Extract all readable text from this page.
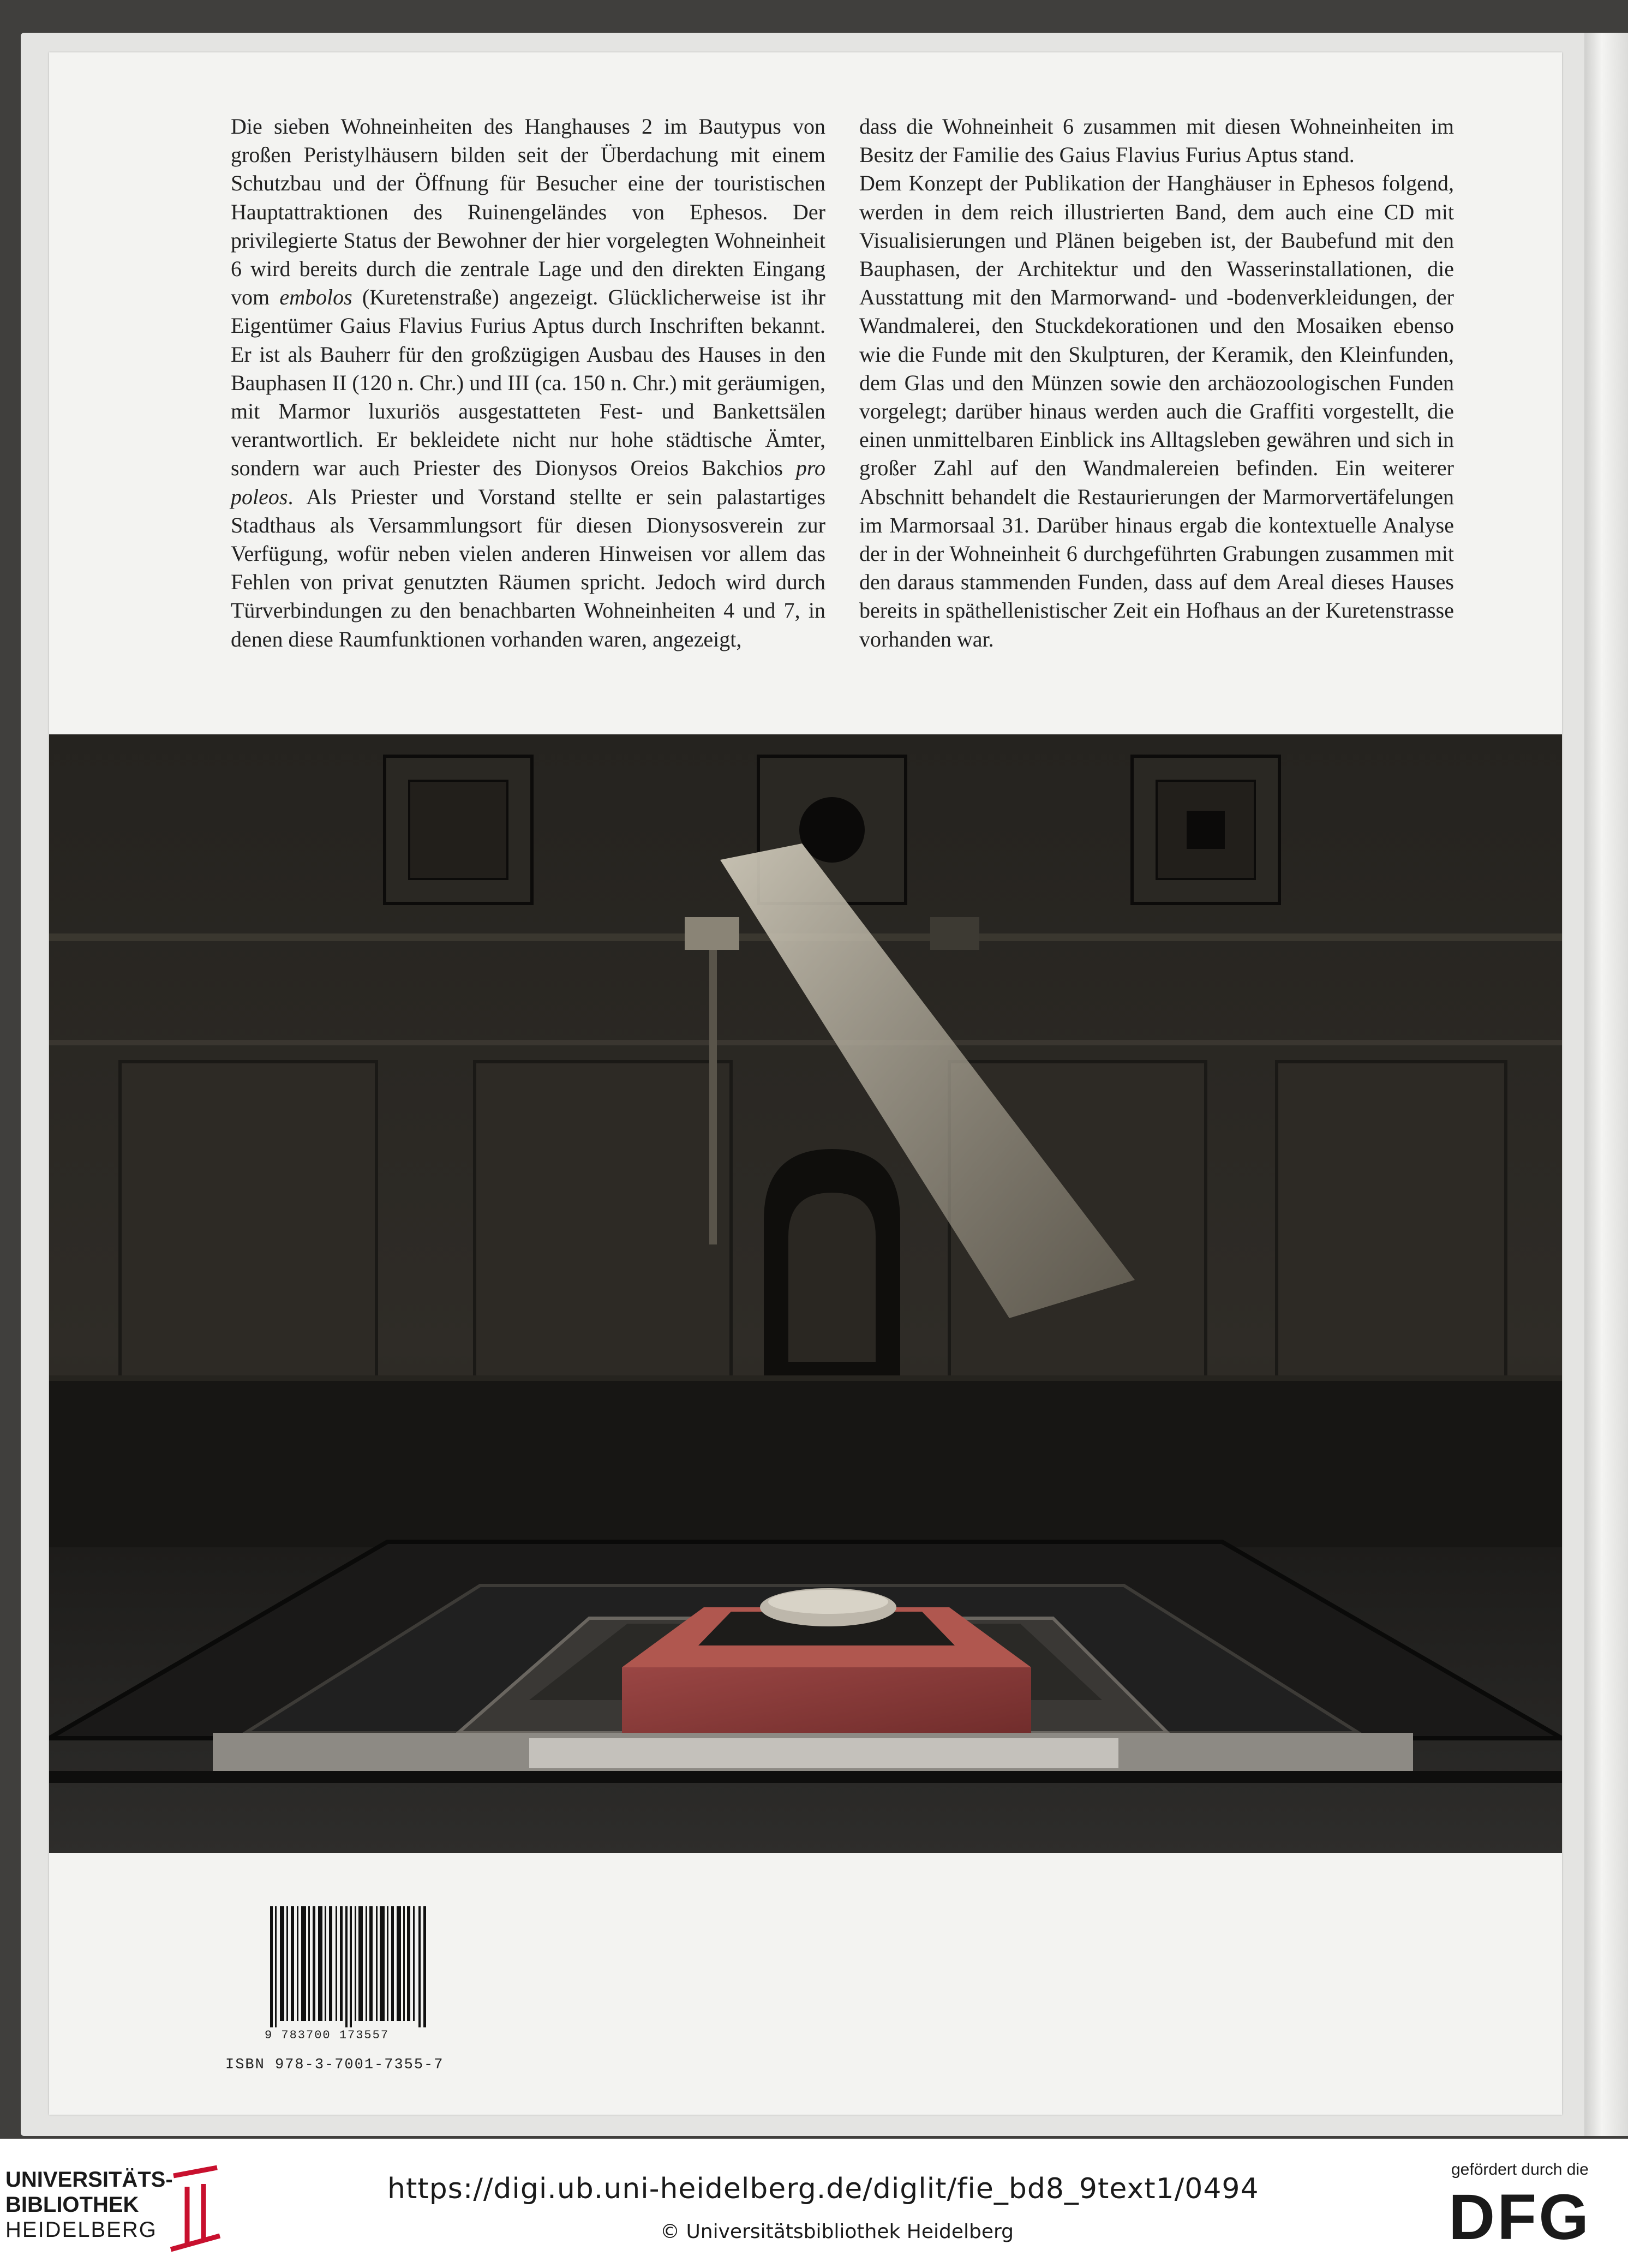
Die sieben Wohneinheiten des Hanghauses 2 im Bautypus von großen Peristylhäusern bilden seit der Überdachung mit einem Schutzbau und der Öffnung für Besucher eine der touristischen Hauptattraktionen des Ruinengeländes von Ephesos. Der privilegierte Status der Bewohner der hier vorgelegten Wohneinheit 6 wird bereits durch die zentrale Lage und den direkten Eingang vom embolos (Kuretenstraße) angezeigt. Glücklicherweise ist ihr Eigentümer Gaius Flavius Furius Aptus durch Inschriften bekannt. Er ist als Bauherr für den großzügigen Ausbau des Hauses in den Bauphasen II (120 n. Chr.) und III (ca. 150 n. Chr.) mit geräumigen, mit Marmor luxuriös ausgestatteten Fest- und Bankettsälen verantwortlich. Er bekleidete nicht nur hohe städtische Ämter, sondern war auch Priester des Dionysos Oreios Bakchios pro poleos. Als Priester und Vorstand stellte er sein palastartiges Stadthaus als Versammlungsort für diesen Dionysosverein zur Verfügung, wofür neben vielen anderen Hinweisen vor allem das Fehlen von privat genutzten Räumen spricht. Jedoch wird durch Türverbindungen zu den benachbarten Wohneinheiten 4 und 7, in denen diese Raumfunktionen vorhanden waren, angezeigt,

dass die Wohneinheit 6 zusammen mit diesen Wohneinheiten im Besitz der Familie des Gaius Flavius Furius Aptus stand.

Dem Konzept der Publikation der Hanghäuser in Ephesos folgend, werden in dem reich illustrierten Band, dem auch eine CD mit Visualisierungen und Plänen beigeben ist, der Baubefund mit den Bauphasen, der Architektur und den Wasserinstallationen, die Ausstattung mit den Marmorwand- und -bodenverkleidungen, der Wandmalerei, den Stuckdekorationen und den Mosaiken ebenso wie die Funde mit den Skulpturen, der Keramik, den Kleinfunden, dem Glas und den Münzen sowie den archäozoologischen Funden vorgelegt; darüber hinaus werden auch die Graffiti vorgestellt, die einen unmittelbaren Einblick ins Alltagsleben gewähren und sich in großer Zahl auf den Wandmalereien befinden. Ein weiterer Abschnitt behandelt die Restaurierungen der Marmorvertäfelungen im Marmorsaal 31. Darüber hinaus ergab die kontextuelle Analyse der in der Wohneinheit 6 durchgeführten Grabungen zusammen mit den daraus stammenden Funden, dass auf dem Areal dieses Hauses bereits in späthellenistischer Zeit ein Hofhaus an der Kuretenstrasse vorhanden war.

9 783700 173557
ISBN 978-3-7001-7355-7
UNIVERSITÄTS-
BIBLIOTHEK
HEIDELBERG
https://digi.ub.uni-heidelberg.de/diglit/fie_bd8_9text1/0494
© Universitätsbibliothek Heidelberg
gefördert durch die
DFG
